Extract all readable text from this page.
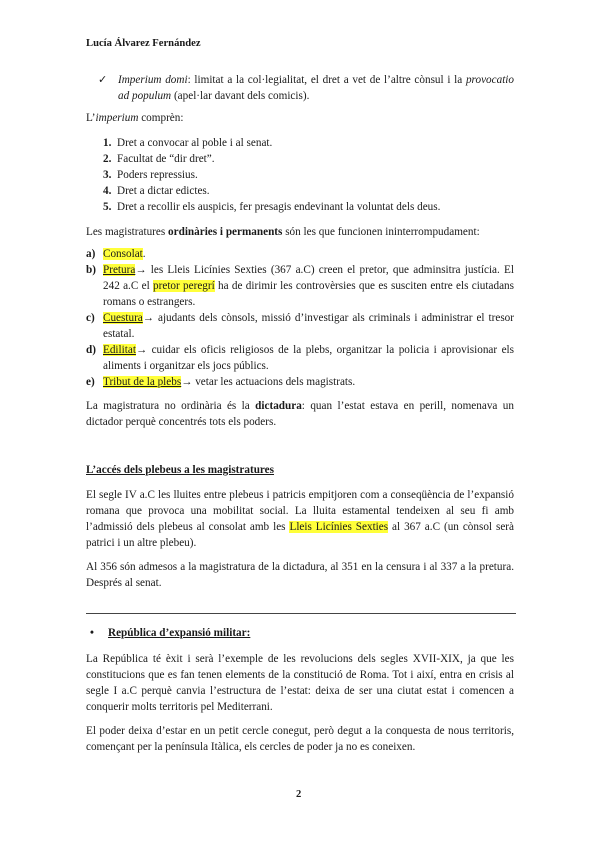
Lucía Álvarez Fernández
✓ Imperium domi: limitat a la col·legialitat, el dret a vet de l’altre cònsul i la provocatio ad populum (apel·lar davant dels comicis).
L’imperium comprèn:
1. Dret a convocar al poble i al senat.
2. Facultat de “dir dret”.
3. Poders repressius.
4. Dret a dictar edictes.
5. Dret a recollir els auspicis, fer presagis endevinant la voluntat dels deus.
Les magistratures ordinàries i permanents són les que funcionen ininterrompudament:
a) Consolat.
b) Pretura→ les Lleis Licínies Sexties (367 a.C) creen el pretor, que adminsitra justícia. El 242 a.C el pretor peregrí ha de dirimir les controvèrsies que es susciten entre els ciutadans romans o estrangers.
c) Cuestura→ ajudants dels cònsols, missió d’investigar als criminals i administrar el tresor estatal.
d) Edilitat→ cuidar els oficis religiosos de la plebs, organitzar la policia i aprovisionar els aliments i organitzar els jocs públics.
e) Tribut de la plebs→ vetar les actuacions dels magistrats.
La magistratura no ordinària és la dictadura: quan l’estat estava en perill, nomenava un dictador perquè concentrés tots els poders.
L’accés dels plebeus a les magistratures
El segle IV a.C les lluites entre plebeus i patricis empitjoren com a conseqüència de l’expansió romana que provoca una mobilitat social. La lluita estamental tendeixen al seu fi amb l’admissió dels plebeus al consolat amb les Lleis Licínies Sexties al 367 a.C (un cònsol serà patrici i un altre plebeu).
Al 356 són admesos a la magistratura de la dictadura, al 351 en la censura i al 337 a la pretura. Després al senat.
• República d’expansió militar:
La República té èxit i serà l’exemple de les revolucions dels segles XVII-XIX, ja que les constitucions que es fan tenen elements de la constitució de Roma. Tot i així, entra en crisis al segle I a.C perquè canvia l’estructura de l’estat: deixa de ser una ciutat estat i comencen a conquerir molts territoris pel Mediterrani.
El poder deixa d’estar en un petit cercle conegut, però degut a la conquesta de nous territoris, començant per la península Itàlica, els cercles de poder ja no es coneixen.
2
